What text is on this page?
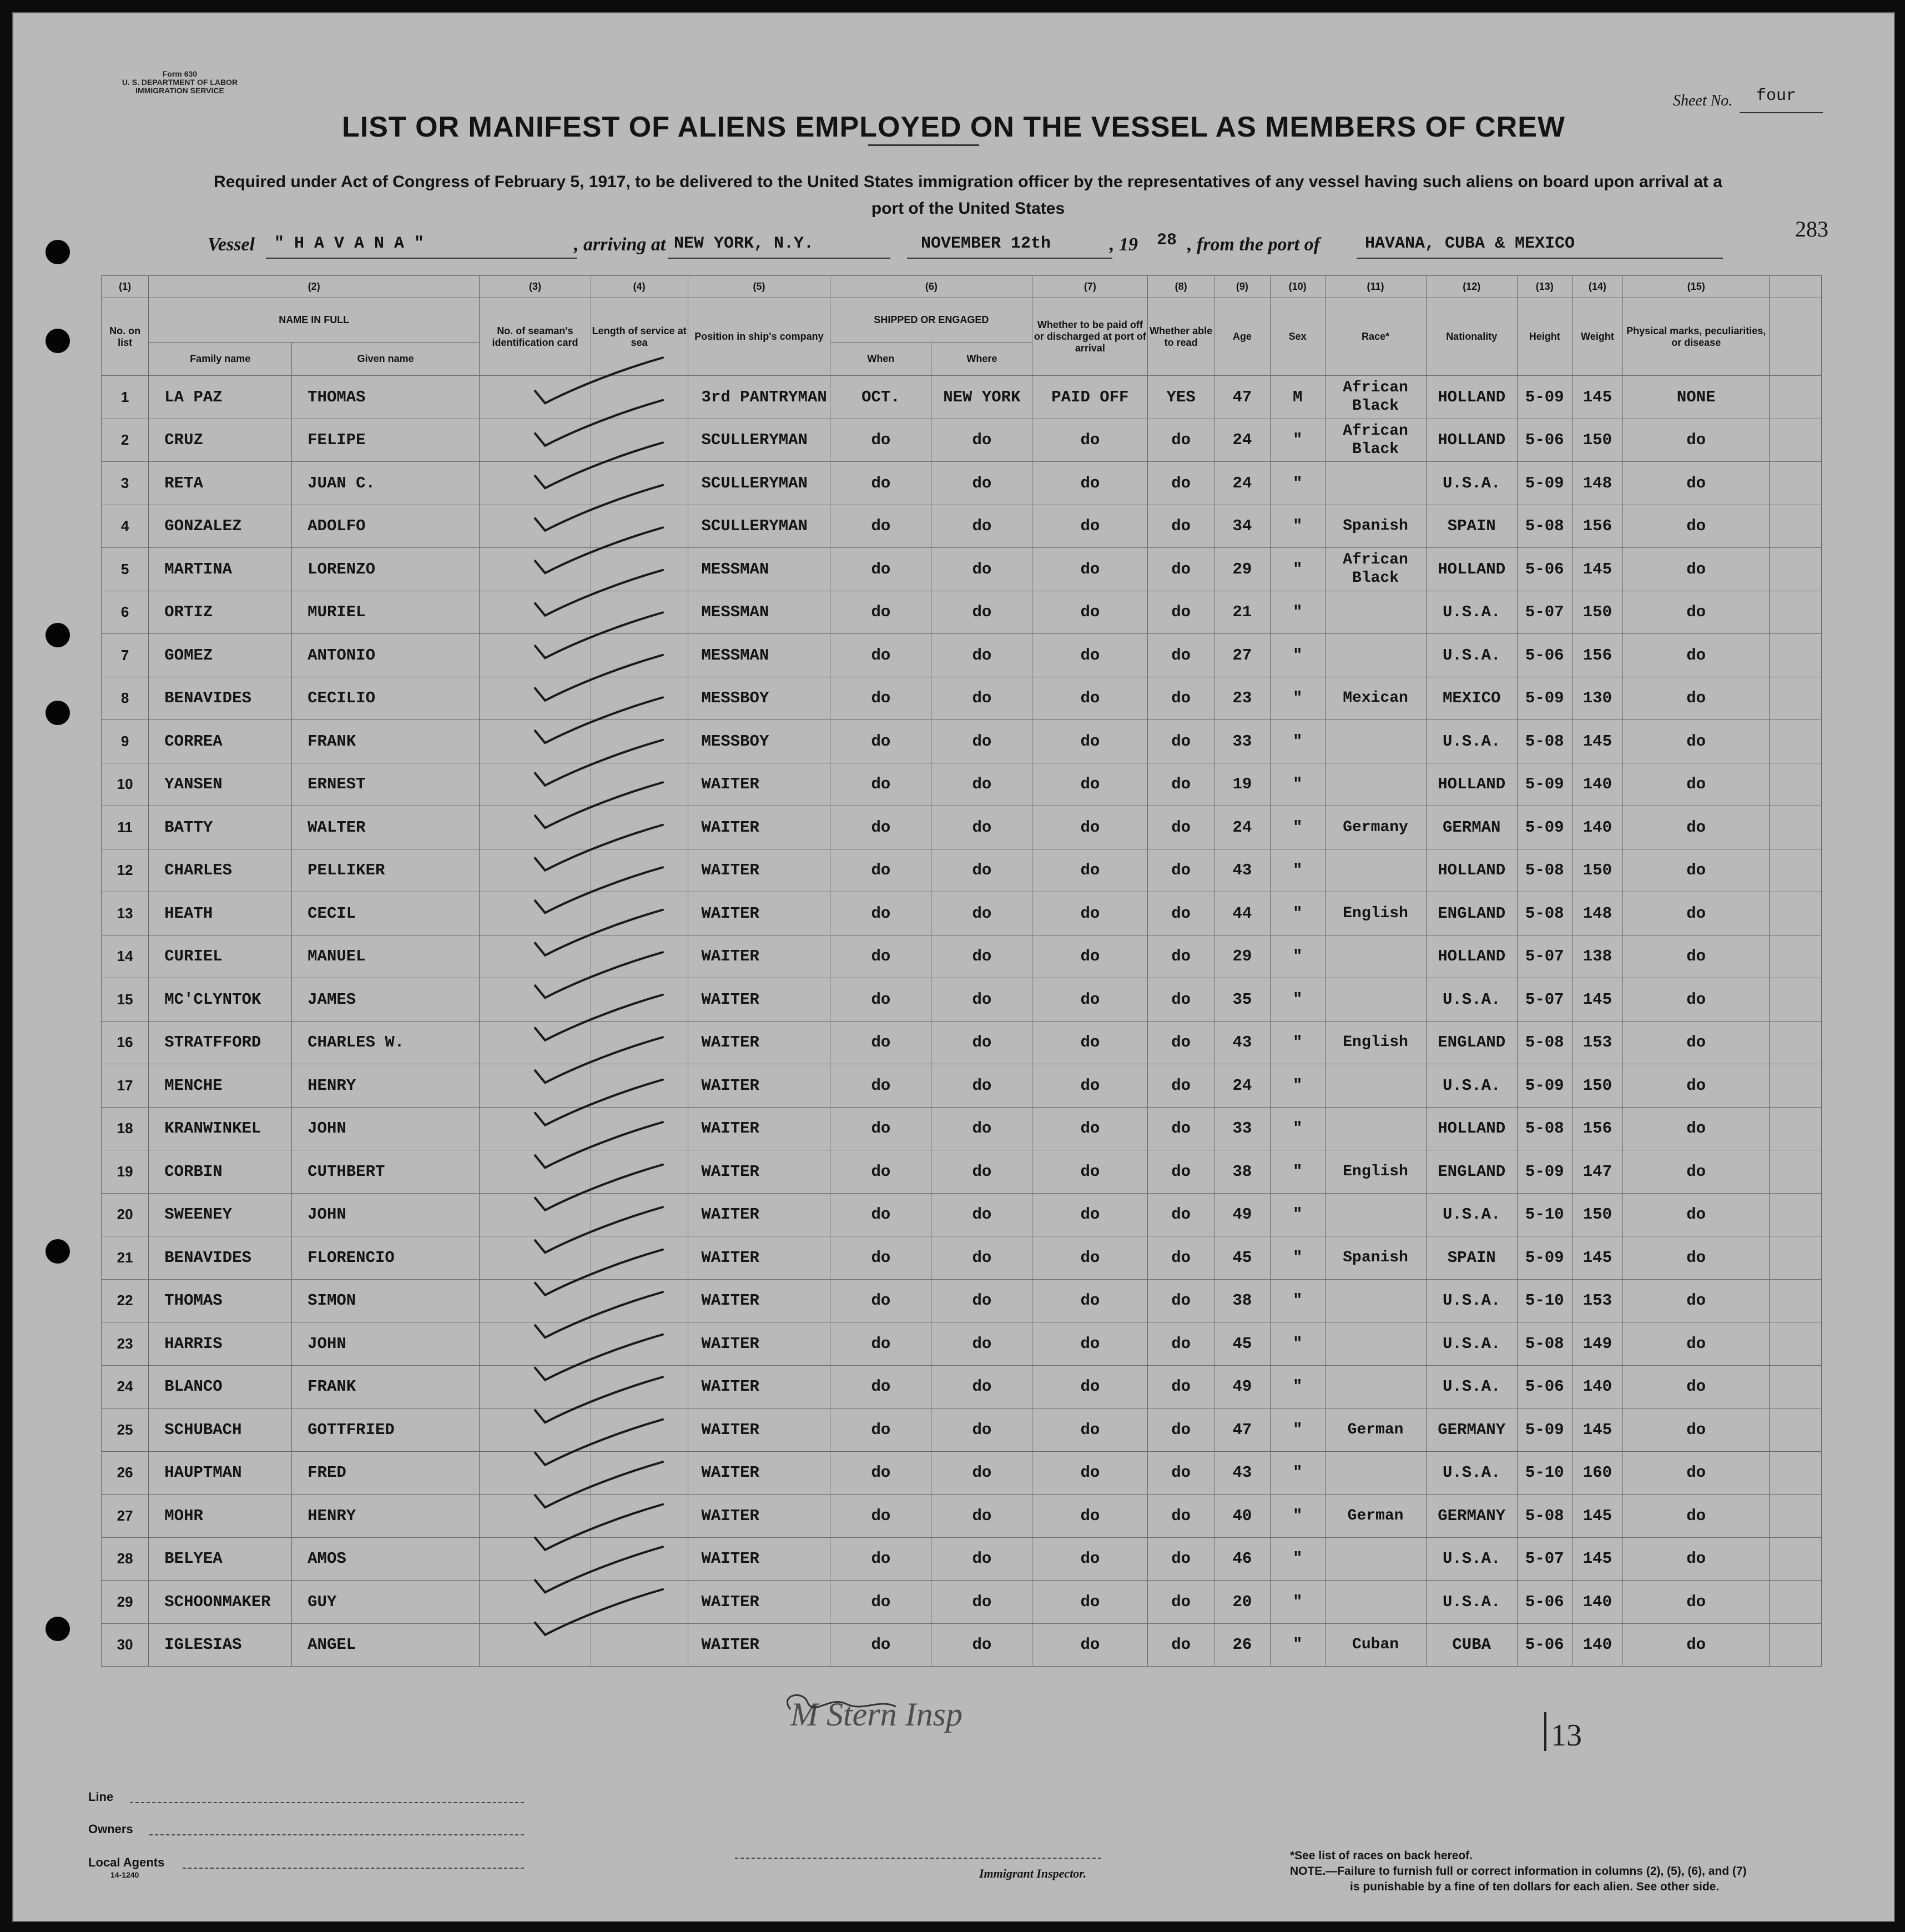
Form 630
U. S. DEPARTMENT OF LABOR
IMMIGRATION SERVICE
Sheet No. four
LIST OR MANIFEST OF ALIENS EMPLOYED ON THE VESSEL AS MEMBERS OF CREW
Required under Act of Congress of February 5, 1917, to be delivered to the United States immigration officer by the representatives of any vessel having such aliens on board upon arrival at a
port of the United States
283
Vessel " H A V A N A "	, arriving at NEW YORK, N.Y.	NOVEMBER 12th	, 19 28 , from the port of	HAVANA, CUBA & MEXICO
(1)	(2)		(3)	(4)	(5)	(6)		(7)	(8)	(9)	(10)	(11)	(12)	(13)	(14)	(15)	
No. on list	NAME IN FULL		No. of seaman's identification card	Length of service at sea	Position in ship's company	SHIPPED OR ENGAGED		Whether to be paid off or discharged at port of arrival	Whether able to read	Age	Sex	Race*	Nationality	Height	Weight	Physical marks, peculiarities, or disease	
	Family name	Given name				When	Where										
1	LA PAZ	THOMAS			3rd PANTRYMAN	OCT.	NEW YORK	PAID OFF	YES	47	M	African Black	HOLLAND	5-09	145	NONE	
2	CRUZ	FELIPE			SCULLERYMAN	do	do	do	do	24	"	African Black	HOLLAND	5-06	150	do	
3	RETA	JUAN C.			SCULLERYMAN	do	do	do	do	24	"		U.S.A.	5-09	148	do	
4	GONZALEZ	ADOLFO			SCULLERYMAN	do	do	do	do	34	"	Spanish	SPAIN	5-08	156	do	
5	MARTINA	LORENZO			MESSMAN	do	do	do	do	29	"	African Black	HOLLAND	5-06	145	do	
6	ORTIZ	MURIEL			MESSMAN	do	do	do	do	21	"		U.S.A.	5-07	150	do	
7	GOMEZ	ANTONIO			MESSMAN	do	do	do	do	27	"		U.S.A.	5-06	156	do	
8	BENAVIDES	CECILIO			MESSBOY	do	do	do	do	23	"	Mexican	MEXICO	5-09	130	do	
9	CORREA	FRANK			MESSBOY	do	do	do	do	33	"		U.S.A.	5-08	145	do	
10	YANSEN	ERNEST			WAITER	do	do	do	do	19	"		HOLLAND	5-09	140	do	
11	BATTY	WALTER			WAITER	do	do	do	do	24	"	Germany	GERMAN	5-09	140	do	
12	CHARLES	PELLIKER			WAITER	do	do	do	do	43	"		HOLLAND	5-08	150	do	
13	HEATH	CECIL			WAITER	do	do	do	do	44	"	English	ENGLAND	5-08	148	do	
14	CURIEL	MANUEL			WAITER	do	do	do	do	29	"		HOLLAND	5-07	138	do	
15	MC'CLYNTOK	JAMES			WAITER	do	do	do	do	35	"		U.S.A.	5-07	145	do	
16	STRATFFORD	CHARLES W.			WAITER	do	do	do	do	43	"	English	ENGLAND	5-08	153	do	
17	MENCHE	HENRY			WAITER	do	do	do	do	24	"		U.S.A.	5-09	150	do	
18	KRANWINKEL	JOHN			WAITER	do	do	do	do	33	"		HOLLAND	5-08	156	do	
19	CORBIN	CUTHBERT			WAITER	do	do	do	do	38	"	English	ENGLAND	5-09	147	do	
20	SWEENEY	JOHN			WAITER	do	do	do	do	49	"		U.S.A.	5-10	150	do	
21	BENAVIDES	FLORENCIO			WAITER	do	do	do	do	45	"	Spanish	SPAIN	5-09	145	do	
22	THOMAS	SIMON			WAITER	do	do	do	do	38	"		U.S.A.	5-10	153	do	
23	HARRIS	JOHN			WAITER	do	do	do	do	45	"		U.S.A.	5-08	149	do	
24	BLANCO	FRANK			WAITER	do	do	do	do	49	"		U.S.A.	5-06	140	do	
25	SCHUBACH	GOTTFRIED			WAITER	do	do	do	do	47	"	German	GERMANY	5-09	145	do	
26	HAUPTMAN	FRED			WAITER	do	do	do	do	43	"		U.S.A.	5-10	160	do	
27	MOHR	HENRY			WAITER	do	do	do	do	40	"	German	GERMANY	5-08	145	do	
28	BELYEA	AMOS			WAITER	do	do	do	do	46	"		U.S.A.	5-07	145	do	
29	SCHOONMAKER	GUY			WAITER	do	do	do	do	20	"		U.S.A.	5-06	140	do	
30	IGLESIAS	ANGEL			WAITER	do	do	do	do	26	"	Cuban	CUBA	5-06	140	do	
M Stern Insp
13
Line
Owners
Local Agents
14-1240	Immigrant Inspector.
*See list of races on back hereof.
NOTE.—Failure to furnish full or correct information in columns (2), (5), (6), and (7)
is punishable by a fine of ten dollars for each alien. See other side.
